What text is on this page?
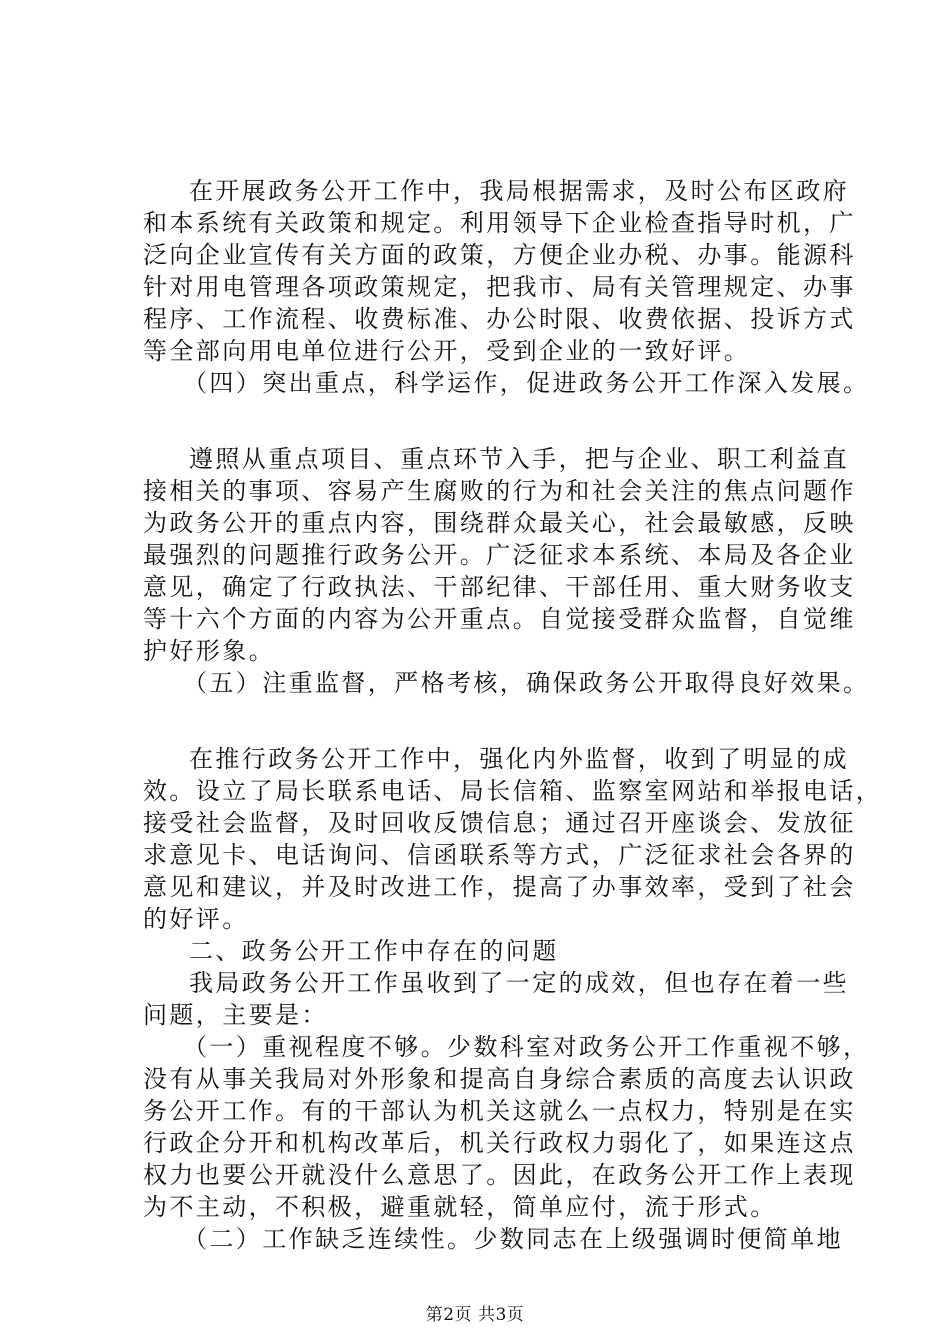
在开展政务公开工作中，我局根据需求，及时公布区政府
和本系统有关政策和规定。利用领导下企业检查指导时机，广
泛向企业宣传有关方面的政策，方便企业办税、办事。能源科
针对用电管理各项政策规定，把我市、局有关管理规定、办事
程序、工作流程、收费标准、办公时限、收费依据、投诉方式
等全部向用电单位进行公开，受到企业的一致好评。
（四）突出重点，科学运作，促进政务公开工作深入发展。
遵照从重点项目、重点环节入手，把与企业、职工利益直
接相关的事项、容易产生腐败的行为和社会关注的焦点问题作
为政务公开的重点内容，围绕群众最关心，社会最敏感，反映
最强烈的问题推行政务公开。广泛征求本系统、本局及各企业
意见，确定了行政执法、干部纪律、干部任用、重大财务收支
等十六个方面的内容为公开重点。自觉接受群众监督，自觉维
护好形象。
（五）注重监督，严格考核，确保政务公开取得良好效果。
在推行政务公开工作中，强化内外监督，收到了明显的成
效。设立了局长联系电话、局长信箱、监察室网站和举报电话，
接受社会监督，及时回收反馈信息；通过召开座谈会、发放征
求意见卡、电话询问、信函联系等方式，广泛征求社会各界的
意见和建议，并及时改进工作，提高了办事效率，受到了社会
的好评。
二、政务公开工作中存在的问题
我局政务公开工作虽收到了一定的成效，但也存在着一些
问题，主要是：
（一）重视程度不够。少数科室对政务公开工作重视不够，
没有从事关我局对外形象和提高自身综合素质的高度去认识政
务公开工作。有的干部认为机关这就么一点权力，特别是在实
行政企分开和机构改革后，机关行政权力弱化了，如果连这点
权力也要公开就没什么意思了。因此，在政务公开工作上表现
为不主动，不积极，避重就轻，简单应付，流于形式。
（二）工作缺乏连续性。少数同志在上级强调时便简单地
第2页 共3页
